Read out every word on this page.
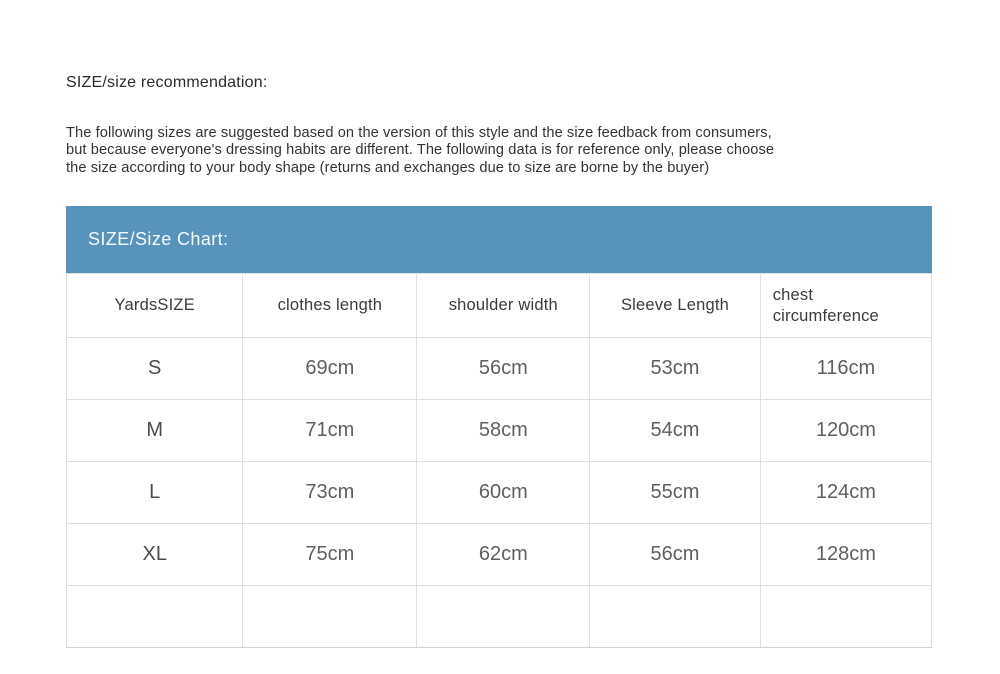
SIZE/size recommendation:
The following sizes are suggested based on the version of this style and the size feedback from consumers,
but because everyone's dressing habits are different. The following data is for reference only, please choose
the size according to your body shape (returns and exchanges due to size are borne by the buyer)
SIZE/Size Chart:
YardsSIZE	clothes length	shoulder width	Sleeve Length	chest circumference
S	69cm	56cm	53cm	116cm
M	71cm	58cm	54cm	120cm
L	73cm	60cm	55cm	124cm
XL	75cm	62cm	56cm	128cm
